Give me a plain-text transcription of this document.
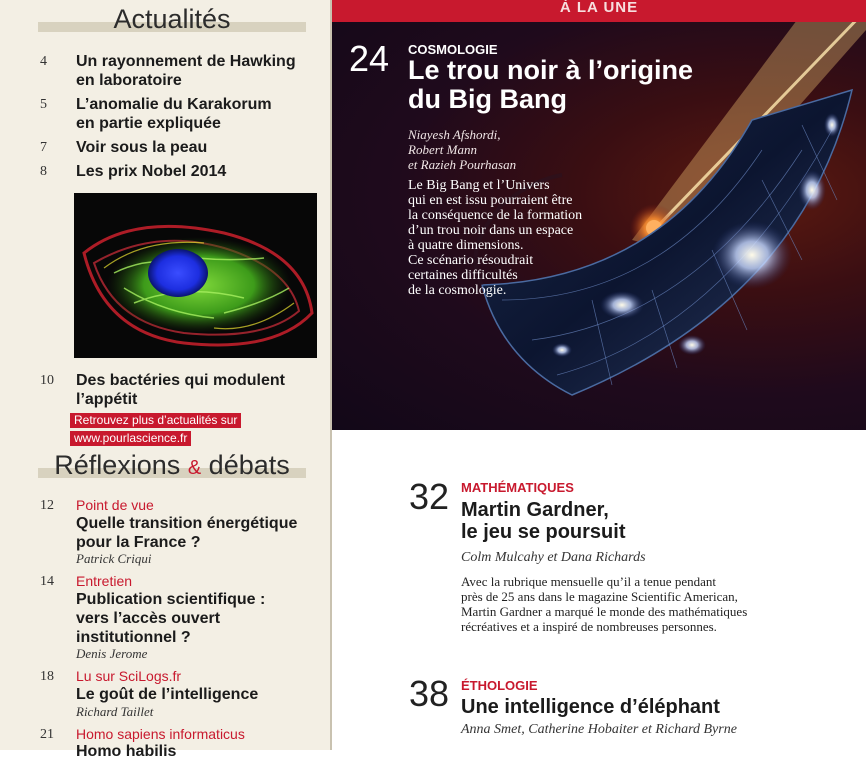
Actualités
4 Un rayonnement de Hawking
en laboratoire
5 L’anomalie du Karakorum
en partie expliquée
7 Voir sous la peau
8 Les prix Nobel 2014
10 Des bactéries qui modulent
l’appétit
Retrouvez plus d’actualités sur
www.pourlascience.fr
Réflexions & débats
12 Point de vue
Quelle transition énergétique
pour la France ?
Patrick Criqui
14 Entretien
Publication scientifique :
vers l’accès ouvert
institutionnel ?
Denis Jerome
18 Lu sur SciLogs.fr
Le goût de l’intelligence
Richard Taillet
21 Homo sapiens informaticus
Homo habilis
À LA UNE
24 COSMOLOGIE
Le trou noir à l’origine
du Big Bang
Niayesh Afshordi,
Robert Mann
et Razieh Pourhasan
Le Big Bang et l’Univers
qui en est issu pourraient être
la conséquence de la formation
d’un trou noir dans un espace
à quatre dimensions.
Ce scénario résoudrait
certaines difficultés
de la cosmologie.
32 MATHÉMATIQUES
Martin Gardner,
le jeu se poursuit
Colm Mulcahy et Dana Richards
Avec la rubrique mensuelle qu’il a tenue pendant
près de 25 ans dans le magazine Scientific American,
Martin Gardner a marqué le monde des mathématiques
récréatives et a inspiré de nombreuses personnes.
38 ÉTHOLOGIE
Une intelligence d’éléphant
Anna Smet, Catherine Hobaiter et Richard Byrne
